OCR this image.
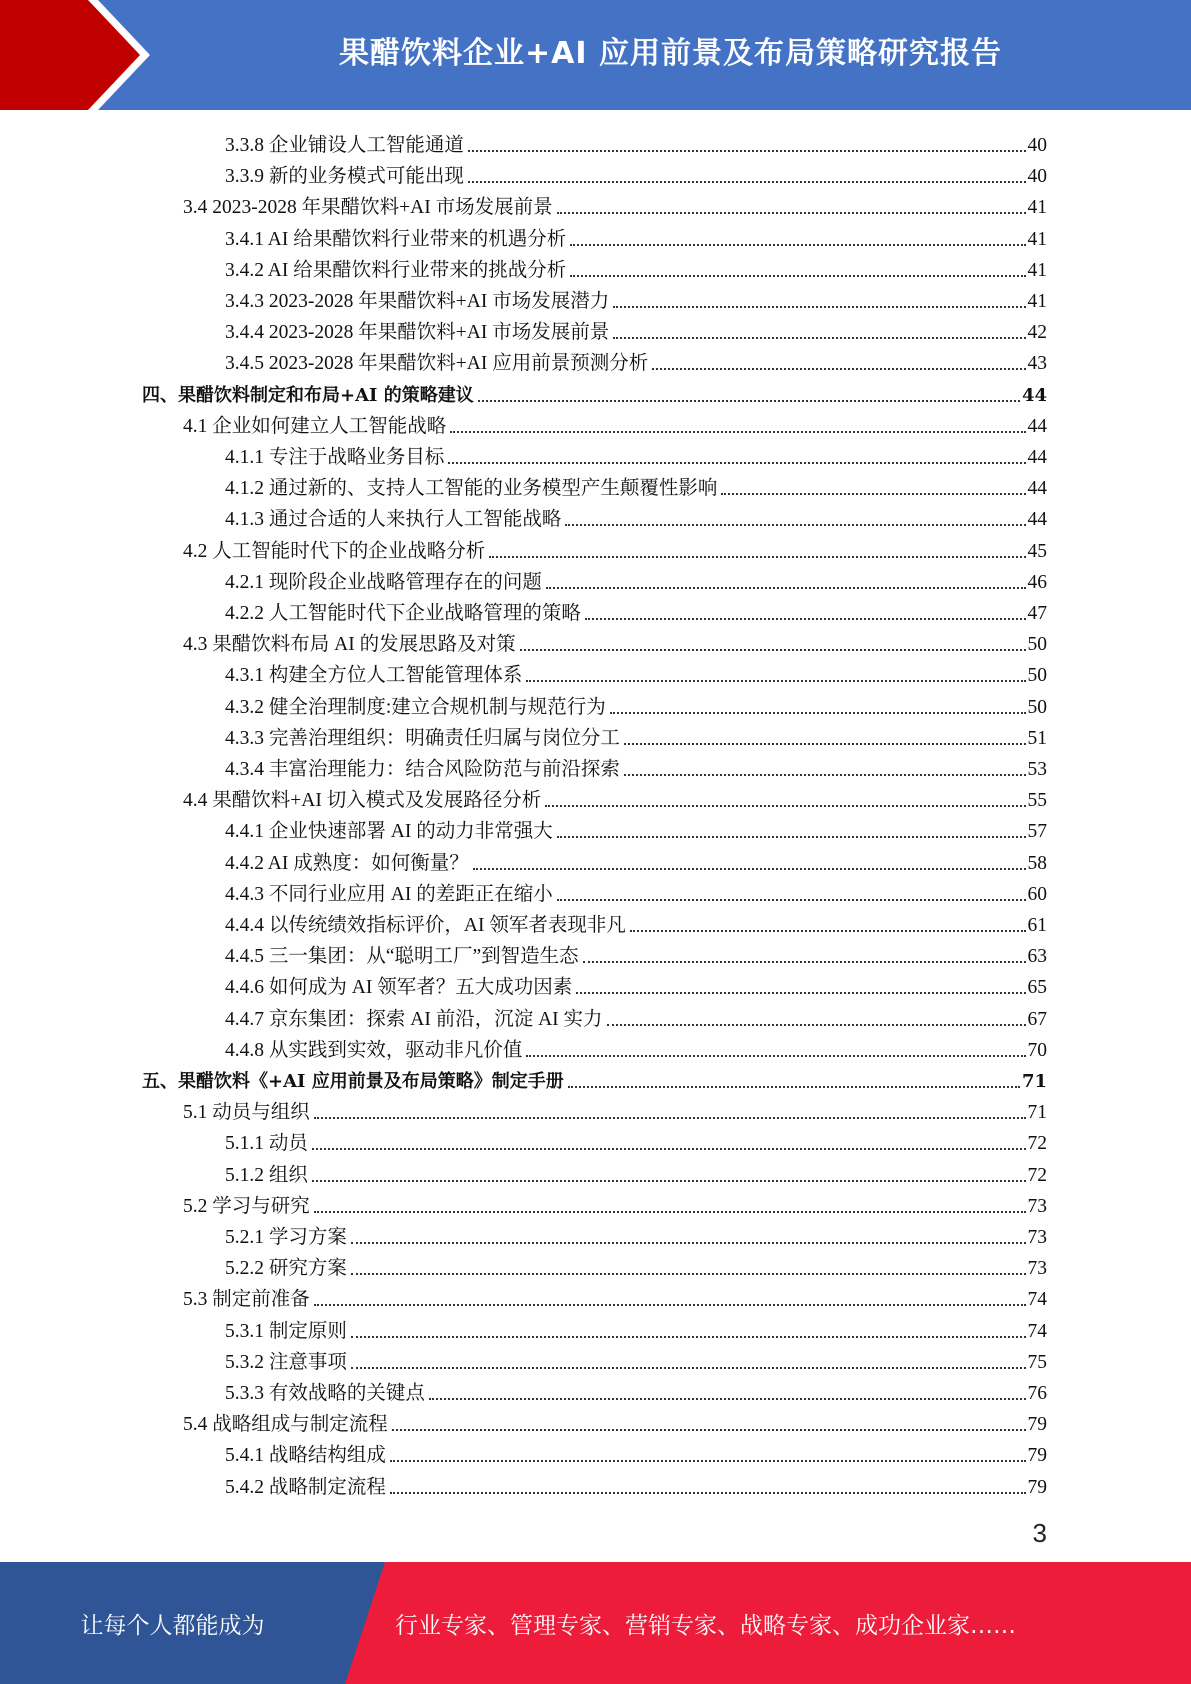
果醋饮料企业+AI 应用前景及布局策略研究报告
3.3.8 企业铺设人工智能通道	40
3.3.9 新的业务模式可能出现	40
3.4 2023-2028 年果醋饮料+AI 市场发展前景	41
3.4.1 AI 给果醋饮料行业带来的机遇分析	41
3.4.2 AI 给果醋饮料行业带来的挑战分析	41
3.4.3 2023-2028 年果醋饮料+AI 市场发展潜力	41
3.4.4 2023-2028 年果醋饮料+AI 市场发展前景	42
3.4.5 2023-2028 年果醋饮料+AI 应用前景预测分析	43
四、果醋饮料制定和布局+AI 的策略建议	44
4.1 企业如何建立人工智能战略	44
4.1.1 专注于战略业务目标	44
4.1.2 通过新的、支持人工智能的业务模型产生颠覆性影响	44
4.1.3 通过合适的人来执行人工智能战略	44
4.2 人工智能时代下的企业战略分析	45
4.2.1 现阶段企业战略管理存在的问题	46
4.2.2 人工智能时代下企业战略管理的策略	47
4.3 果醋饮料布局 AI 的发展思路及对策	50
4.3.1 构建全方位人工智能管理体系	50
4.3.2 健全治理制度:建立合规机制与规范行为	50
4.3.3 完善治理组织：明确责任归属与岗位分工	51
4.3.4 丰富治理能力：结合风险防范与前沿探索	53
4.4 果醋饮料+AI 切入模式及发展路径分析	55
4.4.1 企业快速部署 AI 的动力非常强大	57
4.4.2 AI 成熟度：如何衡量？	58
4.4.3 不同行业应用 AI 的差距正在缩小	60
4.4.4 以传统绩效指标评价，AI 领军者表现非凡	61
4.4.5 三一集团：从“聪明工厂”到智造生态	63
4.4.6 如何成为 AI 领军者？五大成功因素	65
4.4.7 京东集团：探索 AI 前沿，沉淀 AI 实力	67
4.4.8 从实践到实效，驱动非凡价值	70
五、果醋饮料《+AI 应用前景及布局策略》制定手册	71
5.1 动员与组织	71
5.1.1 动员	72
5.1.2 组织	72
5.2 学习与研究	73
5.2.1 学习方案	73
5.2.2 研究方案	73
5.3 制定前准备	74
5.3.1 制定原则	74
5.3.2 注意事项	75
5.3.3 有效战略的关键点	76
5.4 战略组成与制定流程	79
5.4.1 战略结构组成	79
5.4.2 战略制定流程	79
3
让每个人都能成为	行业专家、管理专家、营销专家、战略专家、成功企业家……
